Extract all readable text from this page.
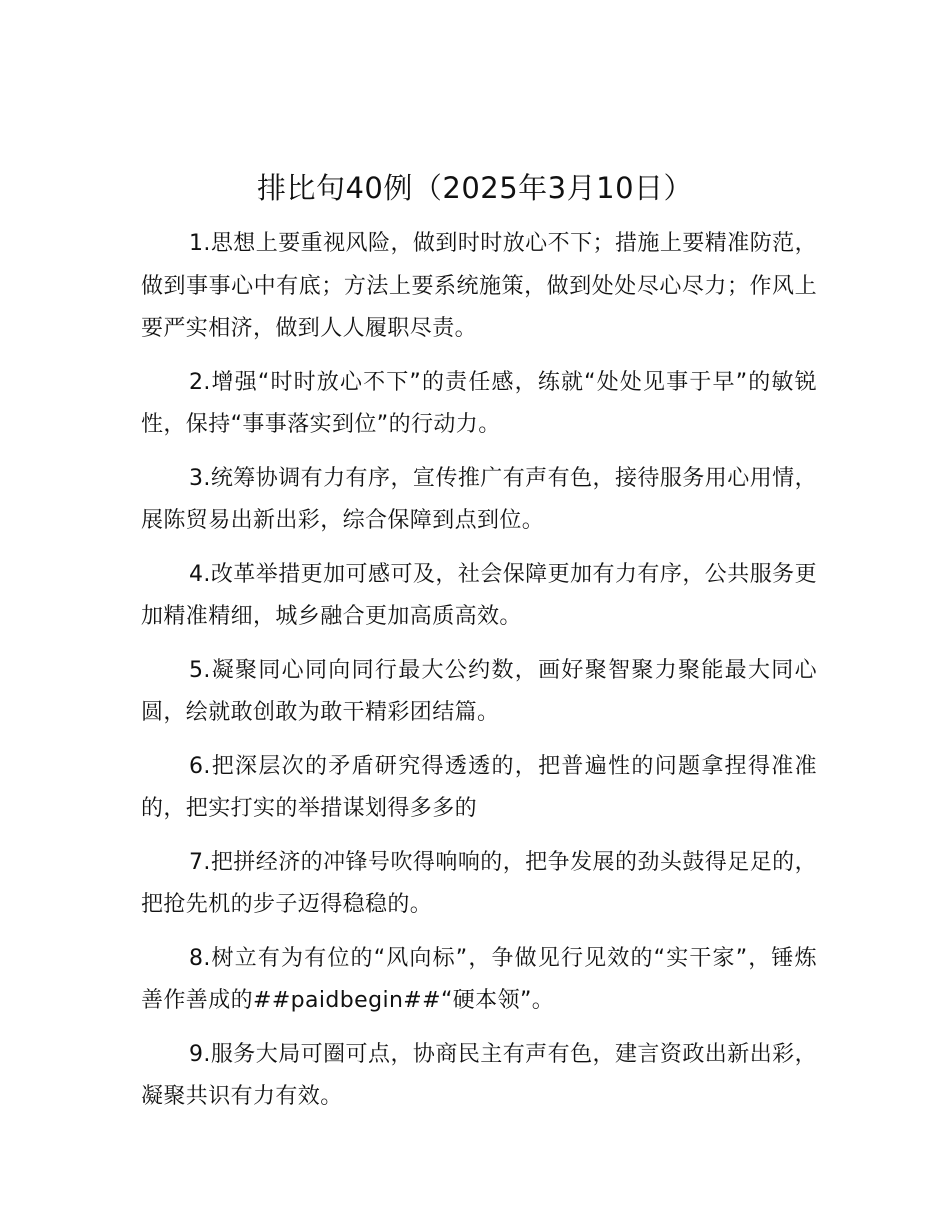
排比句40例（2025年3月10日）

1.思想上要重视风险，做到时时放心不下；措施上要精准防范，做到事事心中有底；方法上要系统施策，做到处处尽心尽力；作风上要严实相济，做到人人履职尽责。

2.增强“时时放心不下”的责任感，练就“处处见事于早”的敏锐性，保持“事事落实到位”的行动力。

3.统筹协调有力有序，宣传推广有声有色，接待服务用心用情，展陈贸易出新出彩，综合保障到点到位。

4.改革举措更加可感可及，社会保障更加有力有序，公共服务更加精准精细，城乡融合更加高质高效。

5.凝聚同心同向同行最大公约数，画好聚智聚力聚能最大同心圆，绘就敢创敢为敢干精彩团结篇。

6.把深层次的矛盾研究得透透的，把普遍性的问题拿捏得准准的，把实打实的举措谋划得多多的

7.把拼经济的冲锋号吹得响响的，把争发展的劲头鼓得足足的，把抢先机的步子迈得稳稳的。

8.树立有为有位的“风向标”，争做见行见效的“实干家”，锤炼善作善成的##paidbegin##“硬本领”。

9.服务大局可圈可点，协商民主有声有色，建言资政出新出彩，凝聚共识有力有效。
